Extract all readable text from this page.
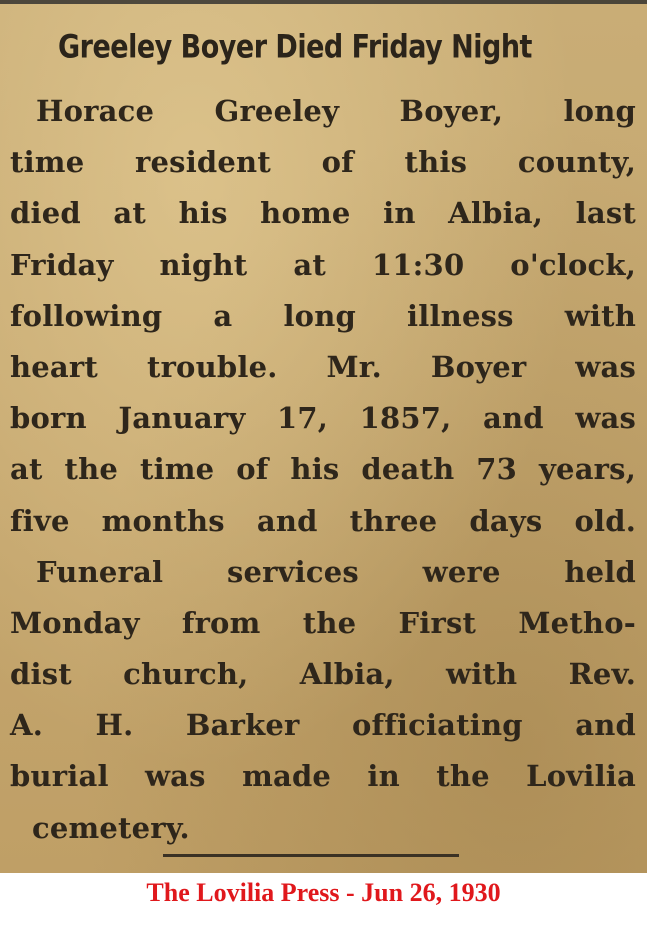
Greeley Boyer Died Friday Night
Horace Greeley Boyer, long
time resident of this county,
died at his home in Albia, last
Friday night at 11:30 o'clock,
following a long illness with
heart trouble. Mr. Boyer was
born January 17, 1857, and was
at the time of his death 73 years,
five months and three days old.
Funeral services were held
Monday from the First Metho-
dist church, Albia, with Rev.
A. H. Barker officiating and
burial was made in the Lovilia
cemetery.
The Lovilia Press - Jun 26, 1930
